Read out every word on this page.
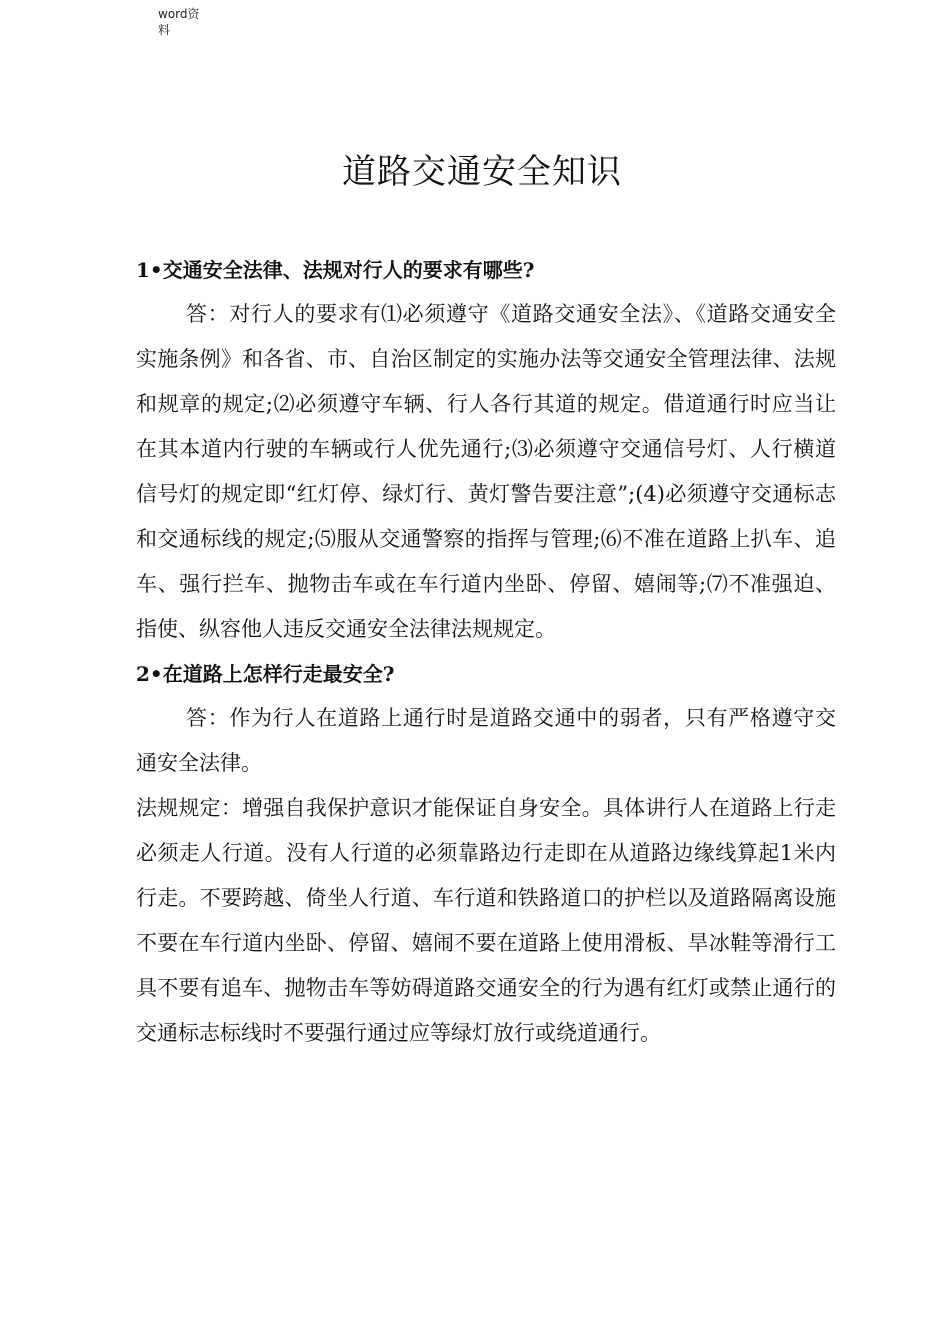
word资料
道路交通安全知识

1•交通安全法律、法规对行人的要求有哪些?

答：对行人的要求有⑴必须遵守《道路交通安全法》、《道路交通安全实施条例》和各省、市、自治区制定的实施办法等交通安全管理法律、法规和规章的规定;⑵必须遵守车辆、行人各行其道的规定。借道通行时应当让在其本道内行驶的车辆或行人优先通行;⑶必须遵守交通信号灯、人行横道信号灯的规定即“红灯停、绿灯行、黄灯警告要注意”;(4)必须遵守交通标志和交通标线的规定;⑸服从交通警察的指挥与管理;⑹不准在道路上扒车、追车、强行拦车、抛物击车或在车行道内坐卧、停留、嬉闹等;⑺不准强迫、指使、纵容他人违反交通安全法律法规规定。

2•在道路上怎样行走最安全?

答：作为行人在道路上通行时是道路交通中的弱者，只有严格遵守交通安全法律。

法规规定：增强自我保护意识才能保证自身安全。具体讲行人在道路上行走必须走人行道。没有人行道的必须靠路边行走即在从道路边缘线算起1米内行走。不要跨越、倚坐人行道、车行道和铁路道口的护栏以及道路隔离设施不要在车行道内坐卧、停留、嬉闹不要在道路上使用滑板、旱冰鞋等滑行工具不要有追车、抛物击车等妨碍道路交通安全的行为遇有红灯或禁止通行的交通标志标线时不要强行通过应等绿灯放行或绕道通行。
